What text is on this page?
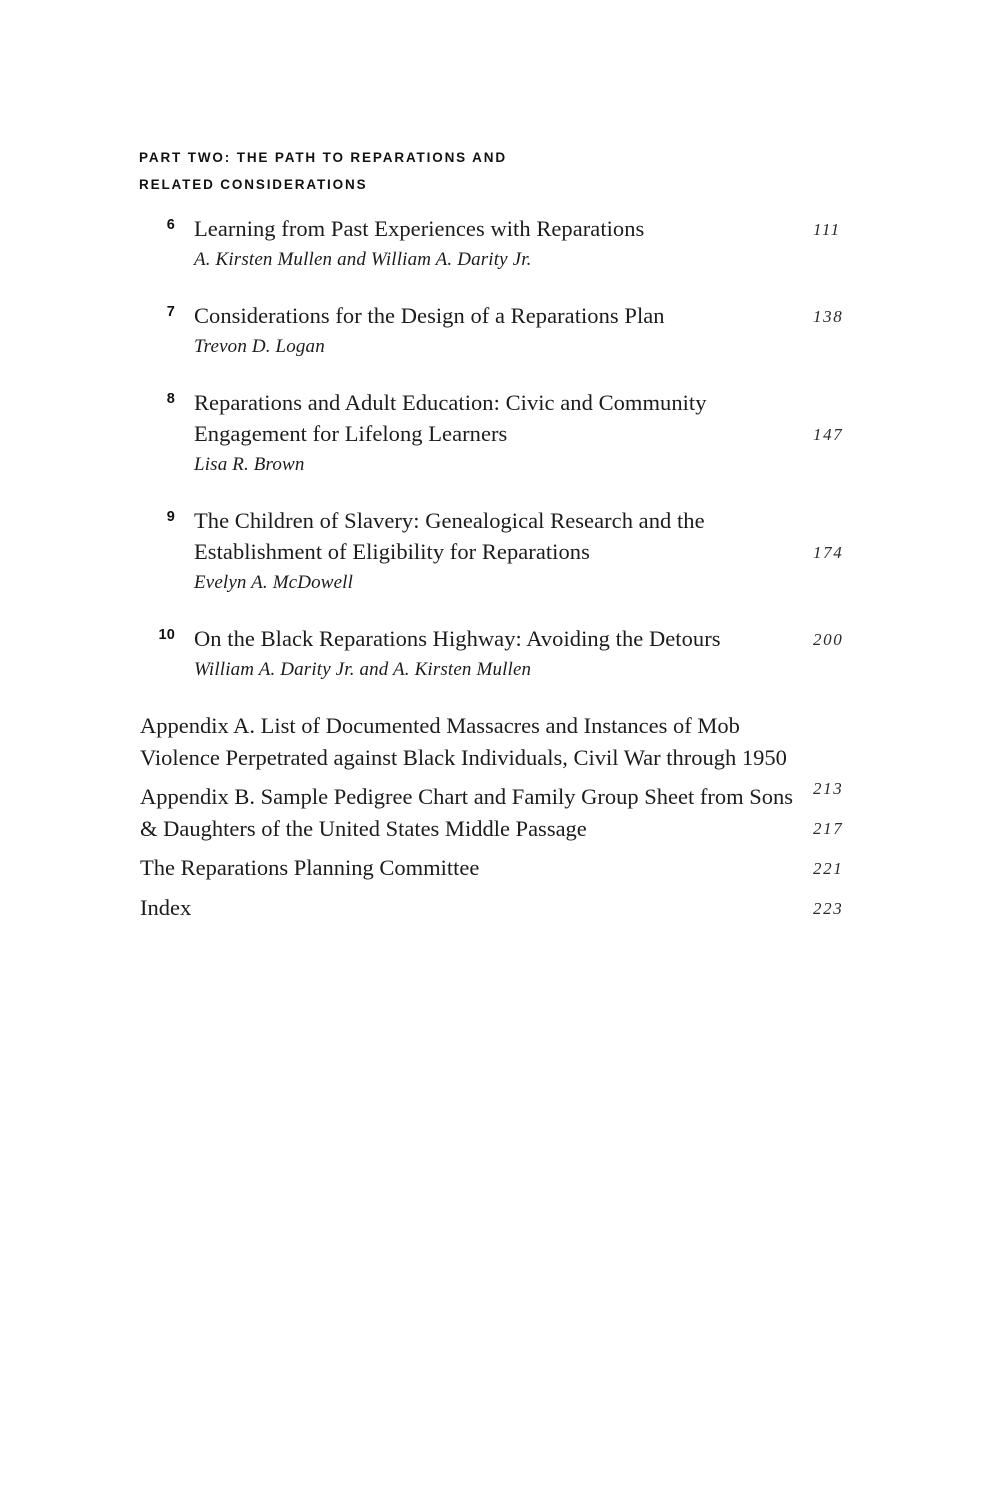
PART TWO: THE PATH TO REPARATIONS AND
RELATED CONSIDERATIONS
6 Learning from Past Experiences with Reparations
A. Kirsten Mullen and William A. Darity Jr.
111
7 Considerations for the Design of a Reparations Plan
Trevon D. Logan
138
8 Reparations and Adult Education: Civic and Community Engagement for Lifelong Learners
Lisa R. Brown
147
9 The Children of Slavery: Genealogical Research and the Establishment of Eligibility for Reparations
Evelyn A. McDowell
174
10 On the Black Reparations Highway: Avoiding the Detours
William A. Darity Jr. and A. Kirsten Mullen
200
Appendix A. List of Documented Massacres and Instances of Mob Violence Perpetrated against Black Individuals, Civil War through 1950
213
Appendix B. Sample Pedigree Chart and Family Group Sheet from Sons & Daughters of the United States Middle Passage	217
The Reparations Planning Committee	221
Index	223
